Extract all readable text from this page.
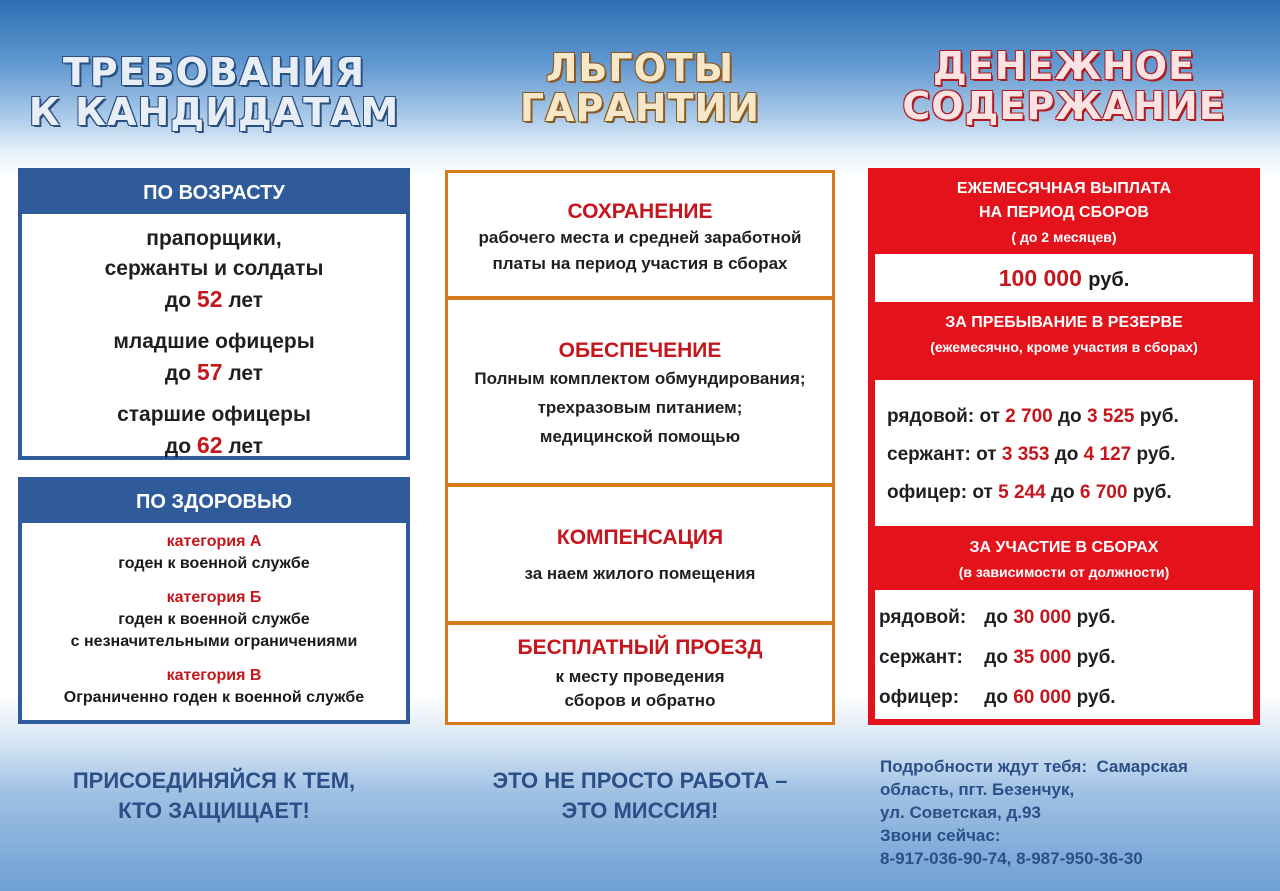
ТРЕБОВАНИЯ
К КАНДИДАТАМ
ЛЬГОТЫ
ГАРАНТИИ
ДЕНЕЖНОЕ
СОДЕРЖАНИЕ
ПО ВОЗРАСТУ
прапорщики,
сержанты и солдаты
до 52 лет
младшие офицеры
до 57 лет
старшие офицеры
до 62 лет
ПО ЗДОРОВЬЮ
категория А
годен к военной службе
категория Б
годен к военной службе
с незначительными ограничениями
категория В
Ограниченно годен к военной службе
СОХРАНЕНИЕ
рабочего места и средней заработной
платы на период участия в сборах
ОБЕСПЕЧЕНИЕ
Полным комплектом обмундирования;
трехразовым питанием;
медицинской помощью
КОМПЕНСАЦИЯ
за наем жилого помещения
БЕСПЛАТНЫЙ ПРОЕЗД
к месту проведения
сборов и обратно
ЕЖЕМЕСЯЧНАЯ ВЫПЛАТА
НА ПЕРИОД СБОРОВ
( до 2 месяцев)
100 000 руб.
ЗА ПРЕБЫВАНИЕ В РЕЗЕРВЕ
(ежемесячно, кроме участия в сборах)
рядовой: от 2 700 до 3 525 руб.
сержант: от 3 353 до 4 127 руб.
офицер: от 5 244 до 6 700 руб.
ЗА УЧАСТИЕ В СБОРАХ
(в зависимости от должности)
рядовой: до 30 000 руб.
сержант: до 35 000 руб.
офицер: до 60 000 руб.
ПРИСОЕДИНЯЙСЯ К ТЕМ,
КТО ЗАЩИЩАЕТ!
ЭТО НЕ ПРОСТО РАБОТА –
ЭТО МИССИЯ!
Подробности ждут тебя:  Самарская
область, пгт. Безенчук,
ул. Советская, д.93
Звони сейчас:
8-917-036-90-74, 8-987-950-36-30
